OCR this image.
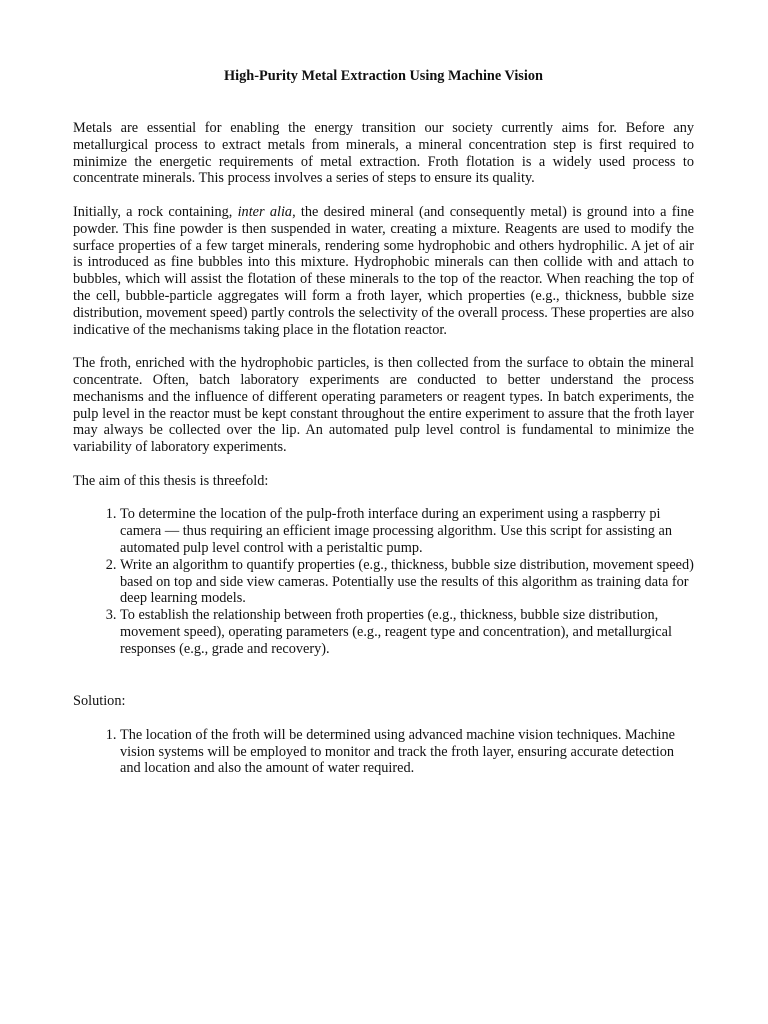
High-Purity Metal Extraction Using Machine Vision

Metals are essential for enabling the energy transition our society currently aims for. Before any metallurgical process to extract metals from minerals, a mineral concentration step is first required to minimize the energetic requirements of metal extraction. Froth flotation is a widely used process to concentrate minerals. This process involves a series of steps to ensure its quality.

Initially, a rock containing, inter alia, the desired mineral (and consequently metal) is ground into a fine powder. This fine powder is then suspended in water, creating a mixture. Reagents are used to modify the surface properties of a few target minerals, rendering some hydrophobic and others hydrophilic. A jet of air is introduced as fine bubbles into this mixture. Hydrophobic minerals can then collide with and attach to bubbles, which will assist the flotation of these minerals to the top of the reactor. When reaching the top of the cell, bubble-particle aggregates will form a froth layer, which properties (e.g., thickness, bubble size distribution, movement speed) partly controls the selectivity of the overall process. These properties are also indicative of the mechanisms taking place in the flotation reactor.

The froth, enriched with the hydrophobic particles, is then collected from the surface to obtain the mineral concentrate. Often, batch laboratory experiments are conducted to better understand the process mechanisms and the influence of different operating parameters or reagent types. In batch experiments, the pulp level in the reactor must be kept constant throughout the entire experiment to assure that the froth layer may always be collected over the lip. An automated pulp level control is fundamental to minimize the variability of laboratory experiments.

The aim of this thesis is threefold:

1. To determine the location of the pulp-froth interface during an experiment using a raspberry pi camera — thus requiring an efficient image processing algorithm. Use this script for assisting an automated pulp level control with a peristaltic pump.
2. Write an algorithm to quantify properties (e.g., thickness, bubble size distribution, movement speed) based on top and side view cameras. Potentially use the results of this algorithm as training data for deep learning models.
3. To establish the relationship between froth properties (e.g., thickness, bubble size distribution, movement speed), operating parameters (e.g., reagent type and concentration), and metallurgical responses (e.g., grade and recovery).

Solution:

1. The location of the froth will be determined using advanced machine vision techniques. Machine vision systems will be employed to monitor and track the froth layer, ensuring accurate detection and location and also the amount of water required.
